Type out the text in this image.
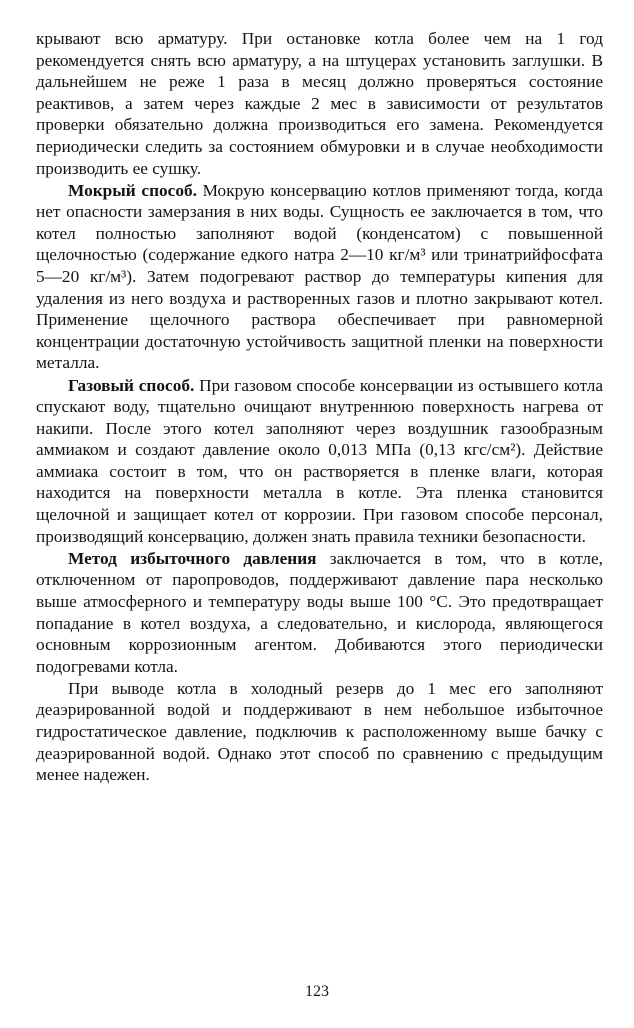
крывают всю арматуру. При остановке котла более чем на 1 год рекомендуется снять всю арматуру, а на штуцерах установить заглушки. В дальнейшем не реже 1 раза в месяц должно проверяться состояние реактивов, а затем через каждые 2 мес в зависимости от результатов проверки обязательно должна производиться его замена. Рекомендуется периодически следить за состоянием обмуровки и в случае необходимости производить ее сушку.

Мокрый способ. Мокрую консервацию котлов применяют тогда, когда нет опасности замерзания в них воды. Сущность ее заключается в том, что котел полностью заполняют водой (конденсатом) с повышенной щелочностью (содержание едкого натра 2—10 кг/м³ или тринатрийфосфата 5—20 кг/м³). Затем подогревают раствор до температуры кипения для удаления из него воздуха и растворенных газов и плотно закрывают котел. Применение щелочного раствора обеспечивает при равномерной концентрации достаточную устойчивость защитной пленки на поверхности металла.

Газовый способ. При газовом способе консервации из остывшего котла спускают воду, тщательно очищают внутреннюю поверхность нагрева от накипи. После этого котел заполняют через воздушник газообразным аммиаком и создают давление около 0,013 МПа (0,13 кгс/см²). Действие аммиака состоит в том, что он растворяется в пленке влаги, которая находится на поверхности металла в котле. Эта пленка становится щелочной и защищает котел от коррозии. При газовом способе персонал, производящий консервацию, должен знать правила техники безопасности.

Метод избыточного давления заключается в том, что в котле, отключенном от паропроводов, поддерживают давление пара несколько выше атмосферного и температуру воды выше 100 °С. Это предотвращает попадание в котел воздуха, а следовательно, и кислорода, являющегося основным коррозионным агентом. Добиваются этого периодически подогревами котла.

При выводе котла в холодный резерв до 1 мес его заполняют деаэрированной водой и поддерживают в нем небольшое избыточное гидростатическое давление, подключив к расположенному выше бачку с деаэрированной водой. Однако этот способ по сравнению с предыдущим менее надежен.

123
